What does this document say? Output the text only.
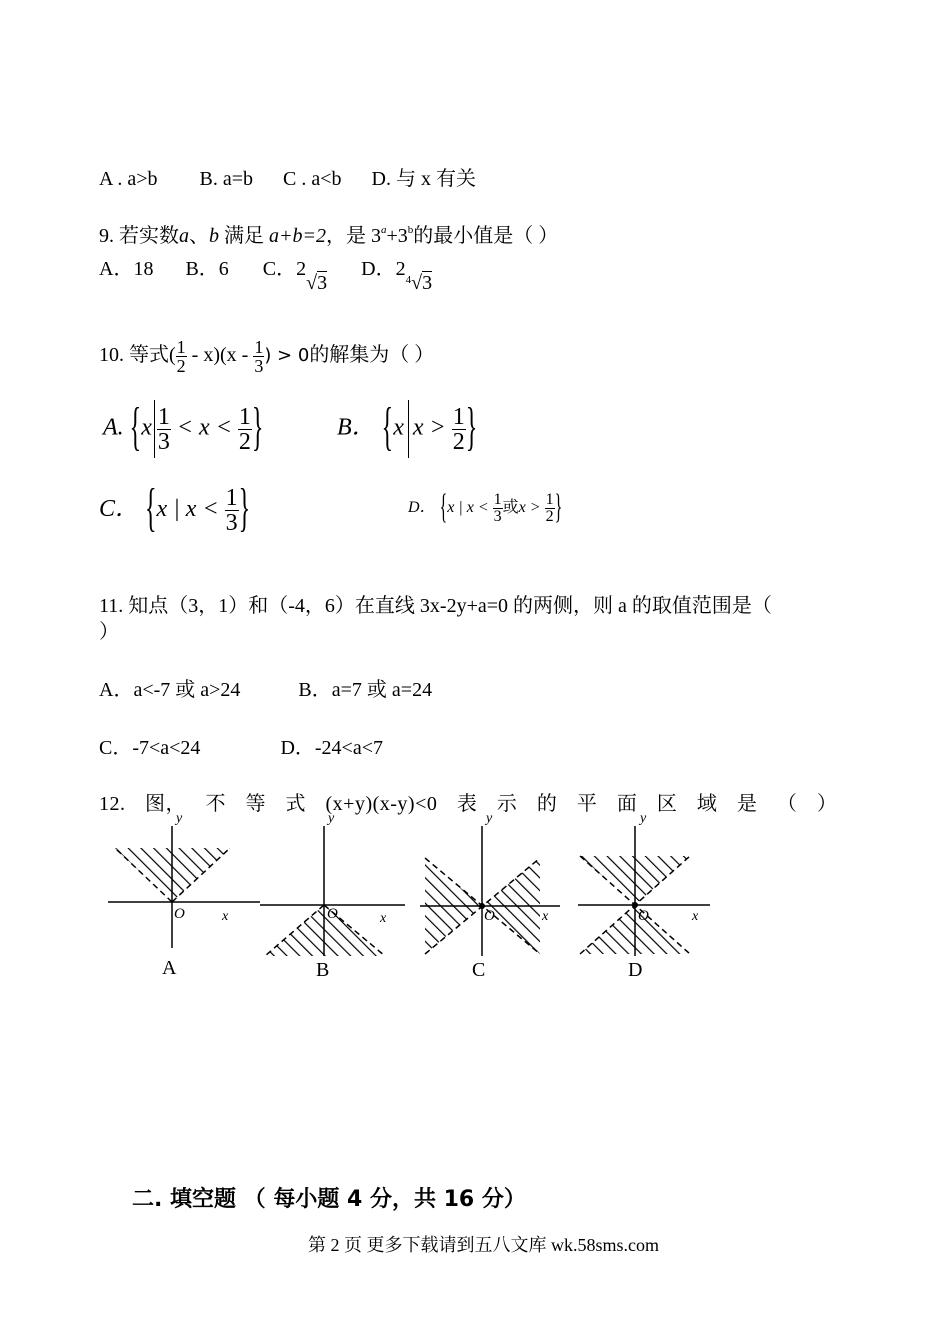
A . a>b B. a=b C . a<b D. 与 x 有关
9. 若实数a、b 满足 a+b=2，是 $3^a+3^b$的最小值是（ ）
A．18 B．6 C．2√3  D．$2^4√3$
10. 等式( $\frac{1}{2} - x)(x - \frac{1}{3}$ ) > 0的解集为（ ）
A. {$x \frac{1}{3} < x < \frac{1}{2}$ }	B． {x $x > \frac{1}{2}$ }
C． {x | $x < \frac{1}{3}$ }	D． {x | $x < \frac{1}{3}$ 或$x > \frac{1}{2}$ }
11. 知点（3，1）和（-4，6）在直线 3x-2y+a=0 的两侧，则 a 的取值范围是（
）
A．a<-7 或 a>24	B．a=7 或 a=24
C．-7<a<24	D．-24<a<7
12. 图， 不 等 式 (x+y)(x-y)<0 表 示 的 平 面 区 域 是 （ ）
y
x
O
A
y
x
O
B
y
x
O
C
y
x
O
D
二. 填空题 （ 每小题 4 分，共 16 分）
第 2 页 更多下载请到五八文库 wk.58sms.com
